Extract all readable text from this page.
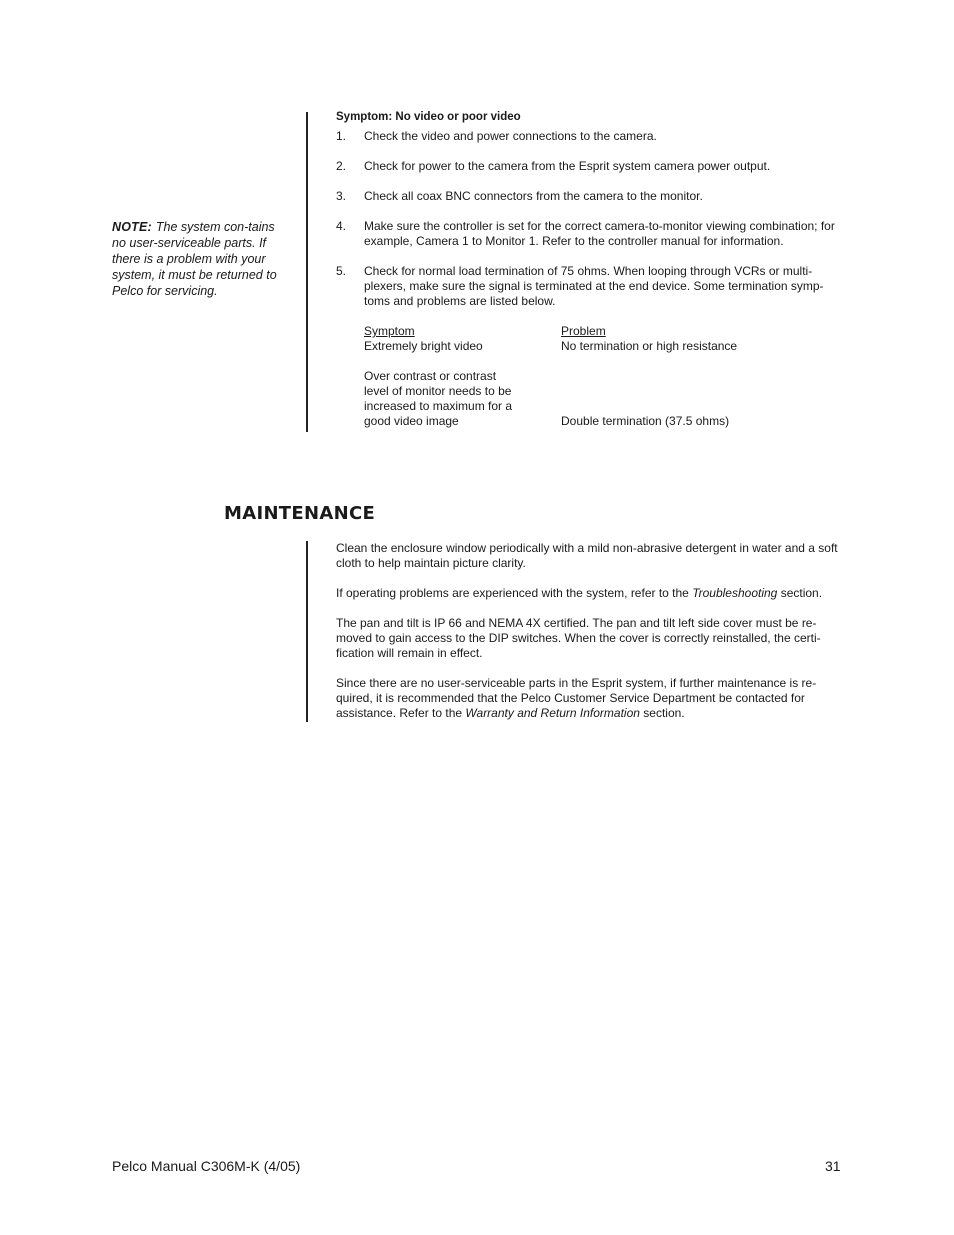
NOTE: The system con-tains no user-serviceable parts. If there is a problem with your system, it must be returned to Pelco for servicing.
Symptom: No video or poor video
1.	Check the video and power connections to the camera.
2.	Check for power to the camera from the Esprit system camera power output.
3.	Check all coax BNC connectors from the camera to the monitor.
4.	Make sure the controller is set for the correct camera-to-monitor viewing combination; for example, Camera 1 to Monitor 1. Refer to the controller manual for information.
5.	Check for normal load termination of 75 ohms. When looping through VCRs or multi-plexers, make sure the signal is terminated at the end device. Some termination symp-toms and problems are listed below.
Symptom	Problem
Extremely bright video	No termination or high resistance
Over contrast or contrast level of monitor needs to be increased to maximum for a good video image	Double termination (37.5 ohms)
MAINTENANCE

Clean the enclosure window periodically with a mild non-abrasive detergent in water and a soft cloth to help maintain picture clarity.

If operating problems are experienced with the system, refer to the Troubleshooting section.

The pan and tilt is IP 66 and NEMA 4X certified. The pan and tilt left side cover must be re-moved to gain access to the DIP switches. When the cover is correctly reinstalled, the certi-fication will remain in effect.

Since there are no user-serviceable parts in the Esprit system, if further maintenance is re-quired, it is recommended that the Pelco Customer Service Department be contacted for assistance. Refer to the Warranty and Return Information section.

Pelco Manual C306M-K (4/05)	31
